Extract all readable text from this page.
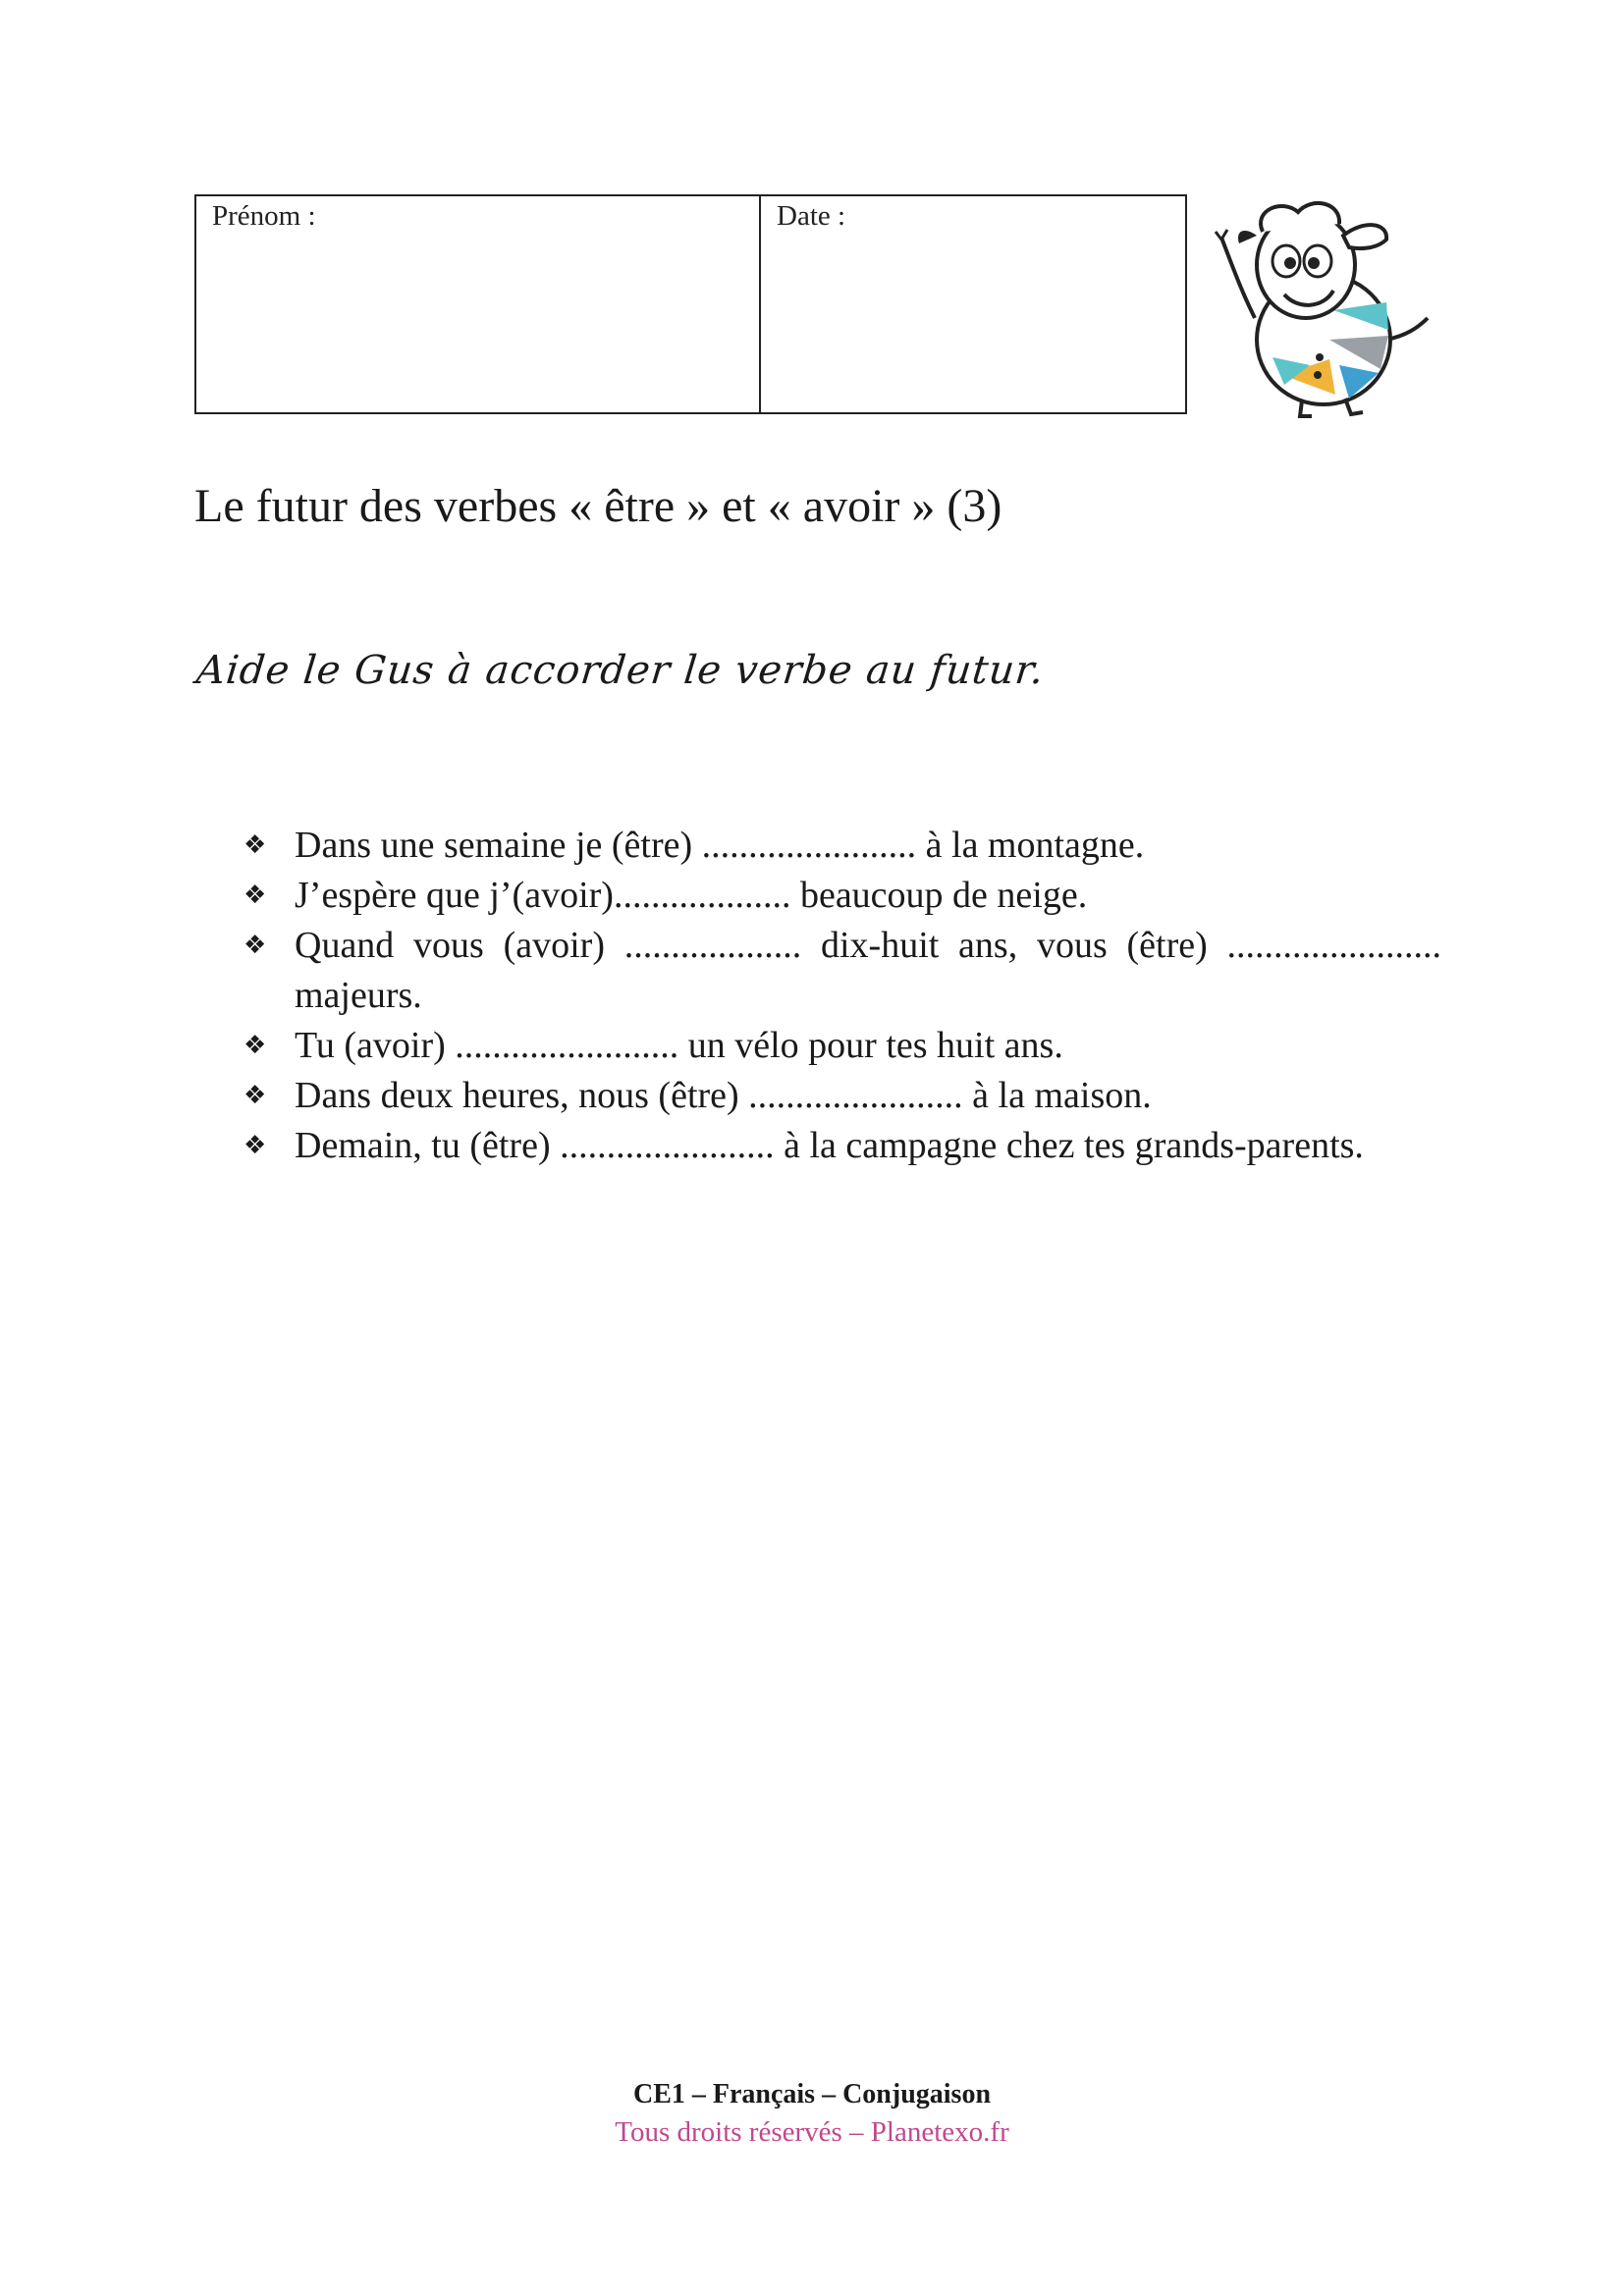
Prénom :	Date :
Le futur des verbes « être » et « avoir » (3)
Aide le Gus à accorder le verbe au futur.
❖ Dans une semaine je (être) ....................... à la montagne.
❖ J’espère que j’(avoir)................... beaucoup de neige.
❖ Quand vous (avoir) ................... dix-huit ans, vous (être) ....................... majeurs.
❖ Tu (avoir) ........................ un vélo pour tes huit ans.
❖ Dans deux heures, nous (être) ....................... à la maison.
❖ Demain, tu (être) ....................... à la campagne chez tes grands-parents.
CE1 – Français – Conjugaison
Tous droits réservés – Planetexo.fr
